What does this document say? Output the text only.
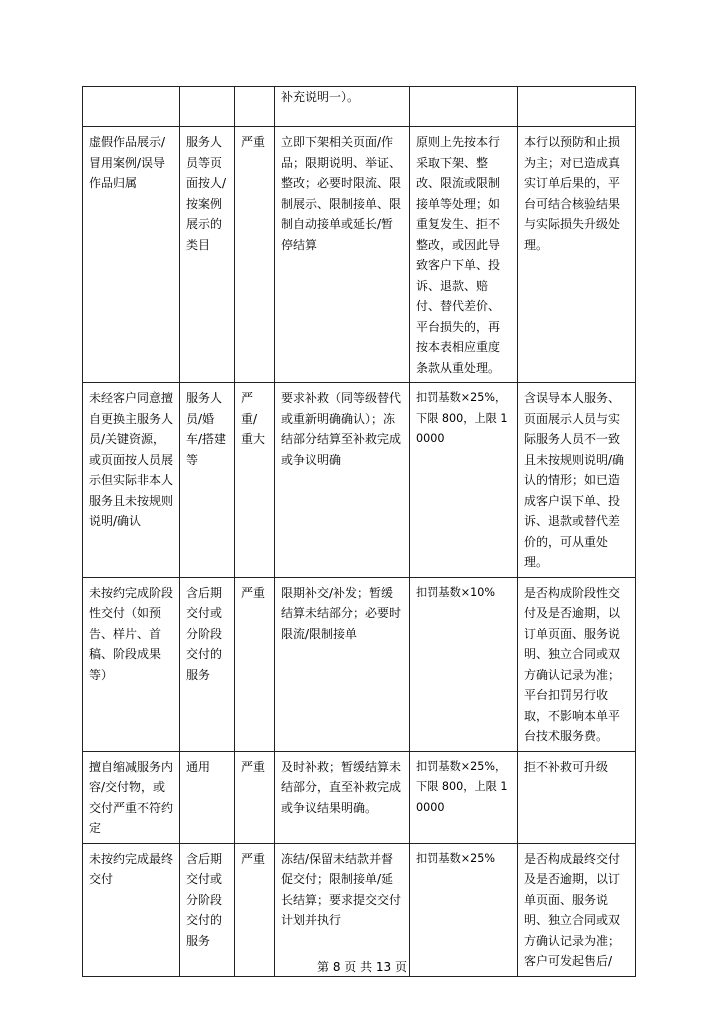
			补充说明一）。		
虚假作品展示/冒用案例/误导作品归属	服务人员等页面按人/按案例展示的类目	严重	立即下架相关页面/作品；限期说明、举证、整改；必要时限流、限制展示、限制接单、限制自动接单或延长/暂停结算	原则上先按本行采取下架、整改、限流或限制接单等处理；如重复发生、拒不整改，或因此导致客户下单、投诉、退款、赔付、替代差价、平台损失的，再按本表相应重度条款从重处理。	本行以预防和止损为主；对已造成真实订单后果的，平台可结合核验结果与实际损失升级处理。
未经客户同意擅自更换主服务人员/关键资源，或页面按人员展示但实际非本人服务且未按规则说明/确认	服务人员/婚车/搭建等	严重/重大	要求补救（同等级替代或重新明确确认）；冻结部分结算至补救完成或争议明确	扣罚基数×25%，下限 800，上限 10000	含误导本人服务、页面展示人员与实际服务人员不一致且未按规则说明/确认的情形；如已造成客户误下单、投诉、退款或替代差价的，可从重处理。
未按约完成阶段性交付（如预告、样片、首稿、阶段成果等）	含后期交付或分阶段交付的服务	严重	限期补交/补发；暂缓结算未结部分；必要时限流/限制接单	扣罚基数×10%	是否构成阶段性交付及是否逾期，以订单页面、服务说明、独立合同或双方确认记录为准；平台扣罚另行收取，不影响本单平台技术服务费。
擅自缩减服务内容/交付物，或交付严重不符约定	通用	严重	及时补救；暂缓结算未结部分，直至补救完成或争议结果明确。	扣罚基数×25%，下限 800，上限 10000	拒不补救可升级
未按约完成最终交付	含后期交付或分阶段交付的服务	严重	冻结/保留未结款并督促交付；限制接单/延长结算；要求提交交付计划并执行	扣罚基数×25%	是否构成最终交付及是否逾期，以订单页面、服务说明、独立合同或双方确认记录为准；客户可发起售后/
第 8 页 共 13 页
